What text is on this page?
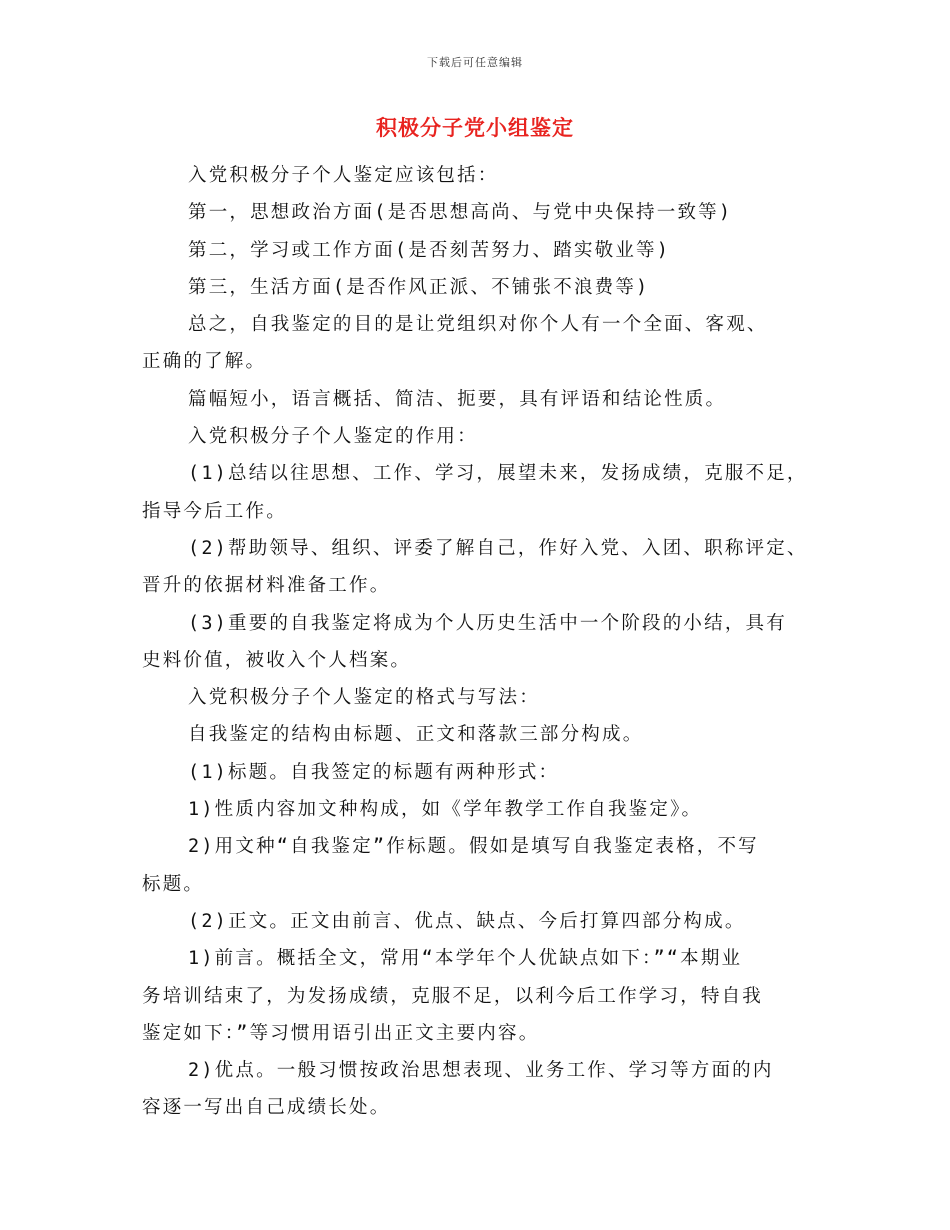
下载后可任意编辑
积极分子党小组鉴定

入党积极分子个人鉴定应该包括：

第一，思想政治方面(是否思想高尚、与党中央保持一致等)

第二，学习或工作方面(是否刻苦努力、踏实敬业等)

第三，生活方面(是否作风正派、不铺张不浪费等)

总之，自我鉴定的目的是让党组织对你个人有一个全面、客观、
正确的了解。

篇幅短小，语言概括、简洁、扼要，具有评语和结论性质。

入党积极分子个人鉴定的作用：

(1)总结以往思想、工作、学习，展望未来，发扬成绩，克服不足，
指导今后工作。

(2)帮助领导、组织、评委了解自己，作好入党、入团、职称评定、
晋升的依据材料准备工作。

(3)重要的自我鉴定将成为个人历史生活中一个阶段的小结，具有
史料价值，被收入个人档案。

入党积极分子个人鉴定的格式与写法：

自我鉴定的结构由标题、正文和落款三部分构成。

(1)标题。自我签定的标题有两种形式：

1)性质内容加文种构成，如《学年教学工作自我鉴定》。

2)用文种“自我鉴定”作标题。假如是填写自我鉴定表格，不写
标题。

(2)正文。正文由前言、优点、缺点、今后打算四部分构成。

1)前言。概括全文，常用“本学年个人优缺点如下：”“本期业
务培训结束了，为发扬成绩，克服不足，以利今后工作学习，特自我
鉴定如下：”等习惯用语引出正文主要内容。

2)优点。一般习惯按政治思想表现、业务工作、学习等方面的内
容逐一写出自己成绩长处。
